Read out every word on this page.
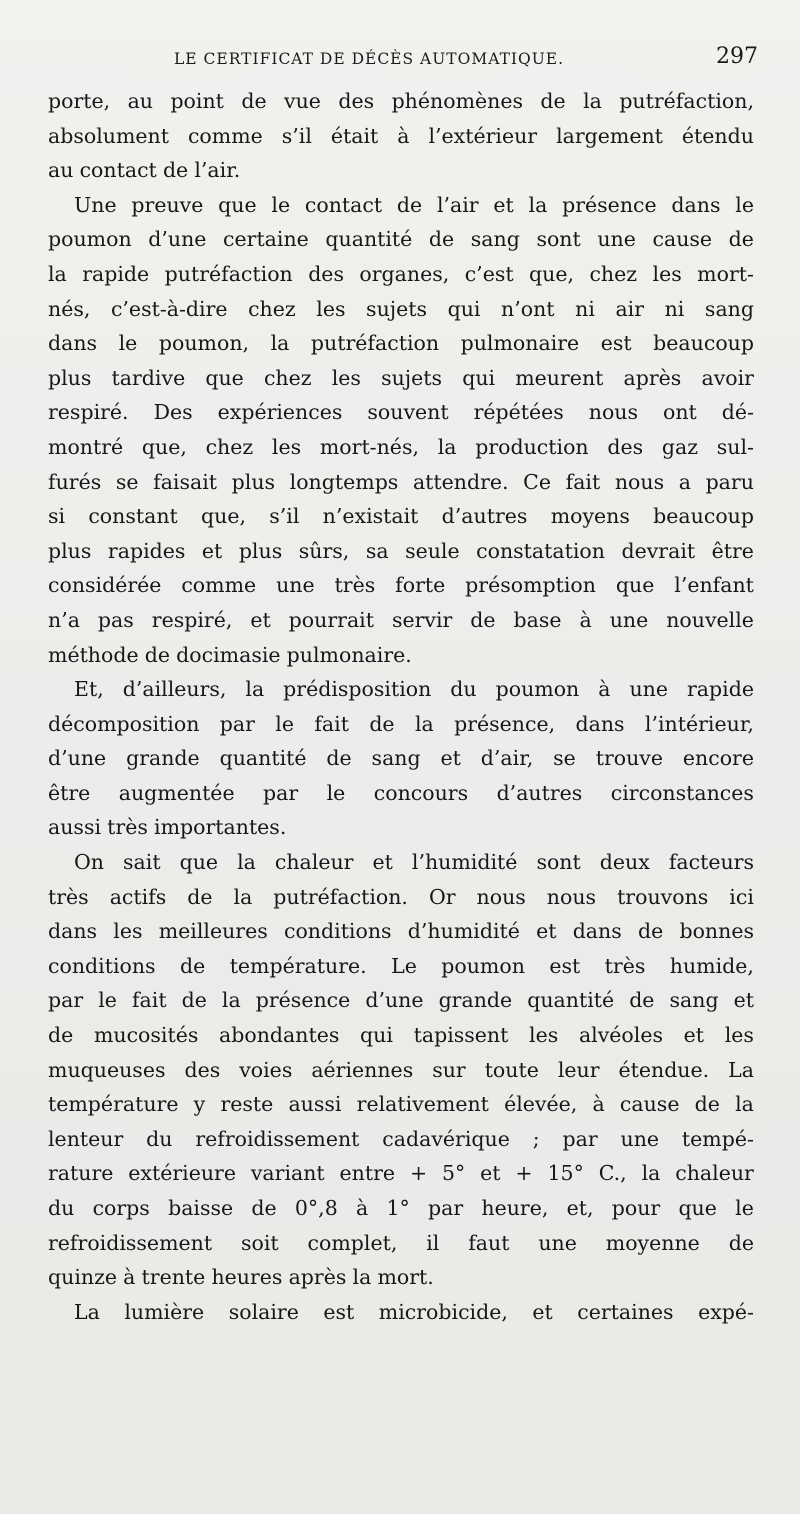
LE CERTIFICAT DE DÉCÈS AUTOMATIQUE.	297
porte, au point de vue des phénomènes de la putréfaction,
absolument comme s’il était à l’extérieur largement étendu
au contact de l’air.
Une preuve que le contact de l’air et la présence dans le
poumon d’une certaine quantité de sang sont une cause de
la rapide putréfaction des organes, c’est que, chez les mort-
nés, c’est-à-dire chez les sujets qui n’ont ni air ni sang
dans le poumon, la putréfaction pulmonaire est beaucoup
plus tardive que chez les sujets qui meurent après avoir
respiré. Des expériences souvent répétées nous ont dé-
montré que, chez les mort-nés, la production des gaz sul-
furés se faisait plus longtemps attendre. Ce fait nous a paru
si constant que, s’il n’existait d’autres moyens beaucoup
plus rapides et plus sûrs, sa seule constatation devrait être
considérée comme une très forte présomption que l’enfant
n’a pas respiré, et pourrait servir de base à une nouvelle
méthode de docimasie pulmonaire.
Et, d’ailleurs, la prédisposition du poumon à une rapide
décomposition par le fait de la présence, dans l’intérieur,
d’une grande quantité de sang et d’air, se trouve encore
être augmentée par le concours d’autres circonstances
aussi très importantes.
On sait que la chaleur et l’humidité sont deux facteurs
très actifs de la putréfaction. Or nous nous trouvons ici
dans les meilleures conditions d’humidité et dans de bonnes
conditions de température. Le poumon est très humide,
par le fait de la présence d’une grande quantité de sang et
de mucosités abondantes qui tapissent les alvéoles et les
muqueuses des voies aériennes sur toute leur étendue. La
température y reste aussi relativement élevée, à cause de la
lenteur du refroidissement cadavérique ; par une tempé-
rature extérieure variant entre + 5° et + 15° C., la chaleur
du corps baisse de 0°,8 à 1° par heure, et, pour que le
refroidissement soit complet, il faut une moyenne de
quinze à trente heures après la mort.
La lumière solaire est microbicide, et certaines expé-
